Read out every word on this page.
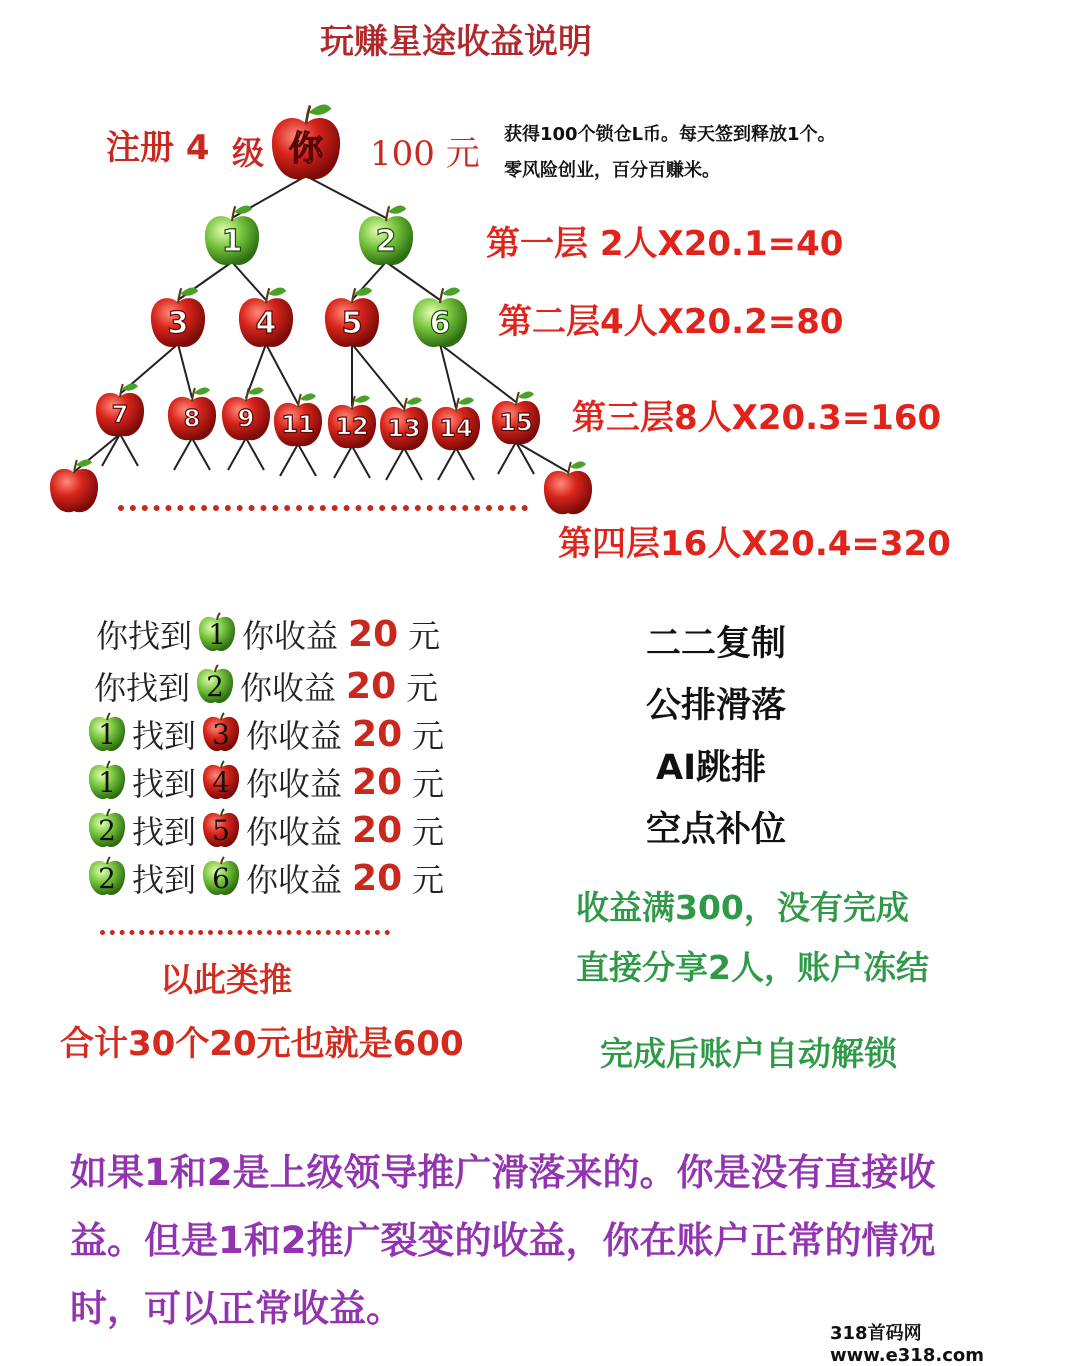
玩赚星途收益说明
注册 4 级	100 元 获得100个锁仓L币。每天签到释放1个。
零风险创业，百分百赚米。
你
1	2
3 4 5 6
7 8 9 11 12 13 14 15
第一层 2人X20.1=40
第二层4人X20.2=80
第三层8人X20.3=160
第四层16人X20.4=320
你找到 1 你收益 20 元
你找到 2 你收益 20 元
1 找到 3 你收益 20 元
1 找到 4 你收益 20 元
2 找到 5 你收益 20 元
2 找到 6 你收益 20 元
以此类推
合计30个20元也就是600
二二复制
公排滑落
AI跳排
空点补位
收益满300，没有完成
直接分享2人，账户冻结
完成后账户自动解锁
如果1和2是上级领导推广滑落来的。你是没有直接收
益。但是1和2推广裂变的收益，你在账户正常的情况
时，可以正常收益。
318首码网 www.e318.com
